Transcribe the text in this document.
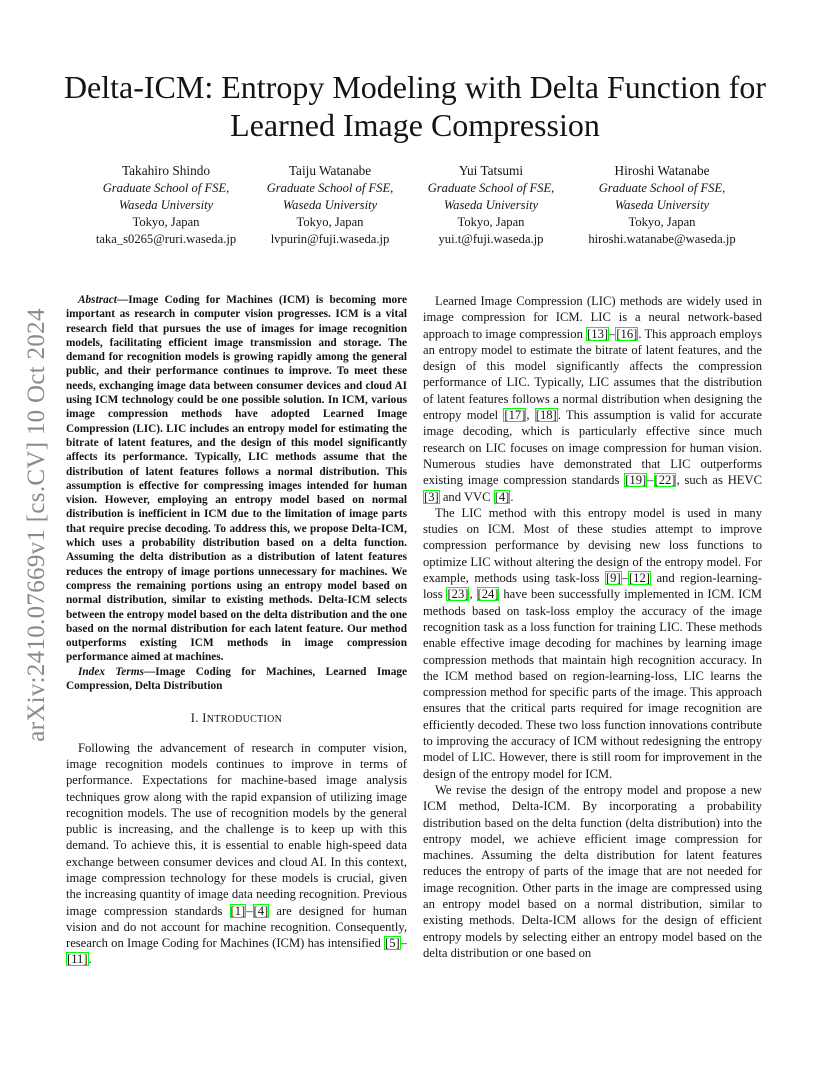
arXiv:2410.07669v1 [cs.CV] 10 Oct 2024
Delta-ICM: Entropy Modeling with Delta Function for Learned Image Compression
Takahiro Shindo
Graduate School of FSE,
Waseda University
Tokyo, Japan
taka_s0265@ruri.waseda.jp
Taiju Watanabe
Graduate School of FSE,
Waseda University
Tokyo, Japan
lvpurin@fuji.waseda.jp
Yui Tatsumi
Graduate School of FSE,
Waseda University
Tokyo, Japan
yui.t@fuji.waseda.jp
Hiroshi Watanabe
Graduate School of FSE,
Waseda University
Tokyo, Japan
hiroshi.watanabe@waseda.jp

Abstract—Image Coding for Machines (ICM) is becoming more important as research in computer vision progresses. ICM is a vital research field that pursues the use of images for image recognition models, facilitating efficient image transmission and storage. The demand for recognition models is growing rapidly among the general public, and their performance continues to improve. To meet these needs, exchanging image data between consumer devices and cloud AI using ICM technology could be one possible solution. In ICM, various image compression methods have adopted Learned Image Compression (LIC). LIC includes an entropy model for estimating the bitrate of latent features, and the design of this model significantly affects its performance. Typically, LIC methods assume that the distribution of latent features follows a normal distribution. This assumption is effective for compressing images intended for human vision. However, employing an entropy model based on normal distribution is inefficient in ICM due to the limitation of image parts that require precise decoding. To address this, we propose Delta-ICM, which uses a probability distribution based on a delta function. Assuming the delta distribution as a distribution of latent features reduces the entropy of image portions unnecessary for machines. We compress the remaining portions using an entropy model based on normal distribution, similar to existing methods. Delta-ICM selects between the entropy model based on the delta distribution and the one based on the normal distribution for each latent feature. Our method outperforms existing ICM methods in image compression performance aimed at machines.

Index Terms—Image Coding for Machines, Learned Image Compression, Delta Distribution

I. INTRODUCTION

Following the advancement of research in computer vision, image recognition models continues to improve in terms of performance. Expectations for machine-based image analysis techniques grow along with the rapid expansion of utilizing image recognition models. The use of recognition models by the general public is increasing, and the challenge is to keep up with this demand. To achieve this, it is essential to enable high-speed data exchange between consumer devices and cloud AI. In this context, image compression technology for these models is crucial, given the increasing quantity of image data needing recognition. Previous image compression standards [1]–[4] are designed for human vision and do not account for machine recognition. Consequently, research on Image Coding for Machines (ICM) has intensified [5]–[11].

Learned Image Compression (LIC) methods are widely used in image compression for ICM. LIC is a neural network-based approach to image compression [13]–[16]. This approach employs an entropy model to estimate the bitrate of latent features, and the design of this model significantly affects the compression performance of LIC. Typically, LIC assumes that the distribution of latent features follows a normal distribution when designing the entropy model [17], [18]. This assumption is valid for accurate image decoding, which is particularly effective since much research on LIC focuses on image compression for human vision. Numerous studies have demonstrated that LIC outperforms existing image compression standards [19]–[22], such as HEVC [3] and VVC [4].

The LIC method with this entropy model is used in many studies on ICM. Most of these studies attempt to improve compression performance by devising new loss functions to optimize LIC without altering the design of the entropy model. For example, methods using task-loss [9]–[12] and region-learning-loss [23], [24] have been successfully implemented in ICM. ICM methods based on task-loss employ the accuracy of the image recognition task as a loss function for training LIC. These methods enable effective image decoding for machines by learning image compression methods that maintain high recognition accuracy. In the ICM method based on region-learning-loss, LIC learns the compression method for specific parts of the image. This approach ensures that the critical parts required for image recognition are efficiently decoded. These two loss function innovations contribute to improving the accuracy of ICM without redesigning the entropy model of LIC. However, there is still room for improvement in the design of the entropy model for ICM.

We revise the design of the entropy model and propose a new ICM method, Delta-ICM. By incorporating a probability distribution based on the delta function (delta distribution) into the entropy model, we achieve efficient image compression for machines. Assuming the delta distribution for latent features reduces the entropy of parts of the image that are not needed for image recognition. Other parts in the image are compressed using an entropy model based on a normal distribution, similar to existing methods. Delta-ICM allows for the design of efficient entropy models by selecting either an entropy model based on the delta distribution or one based on
